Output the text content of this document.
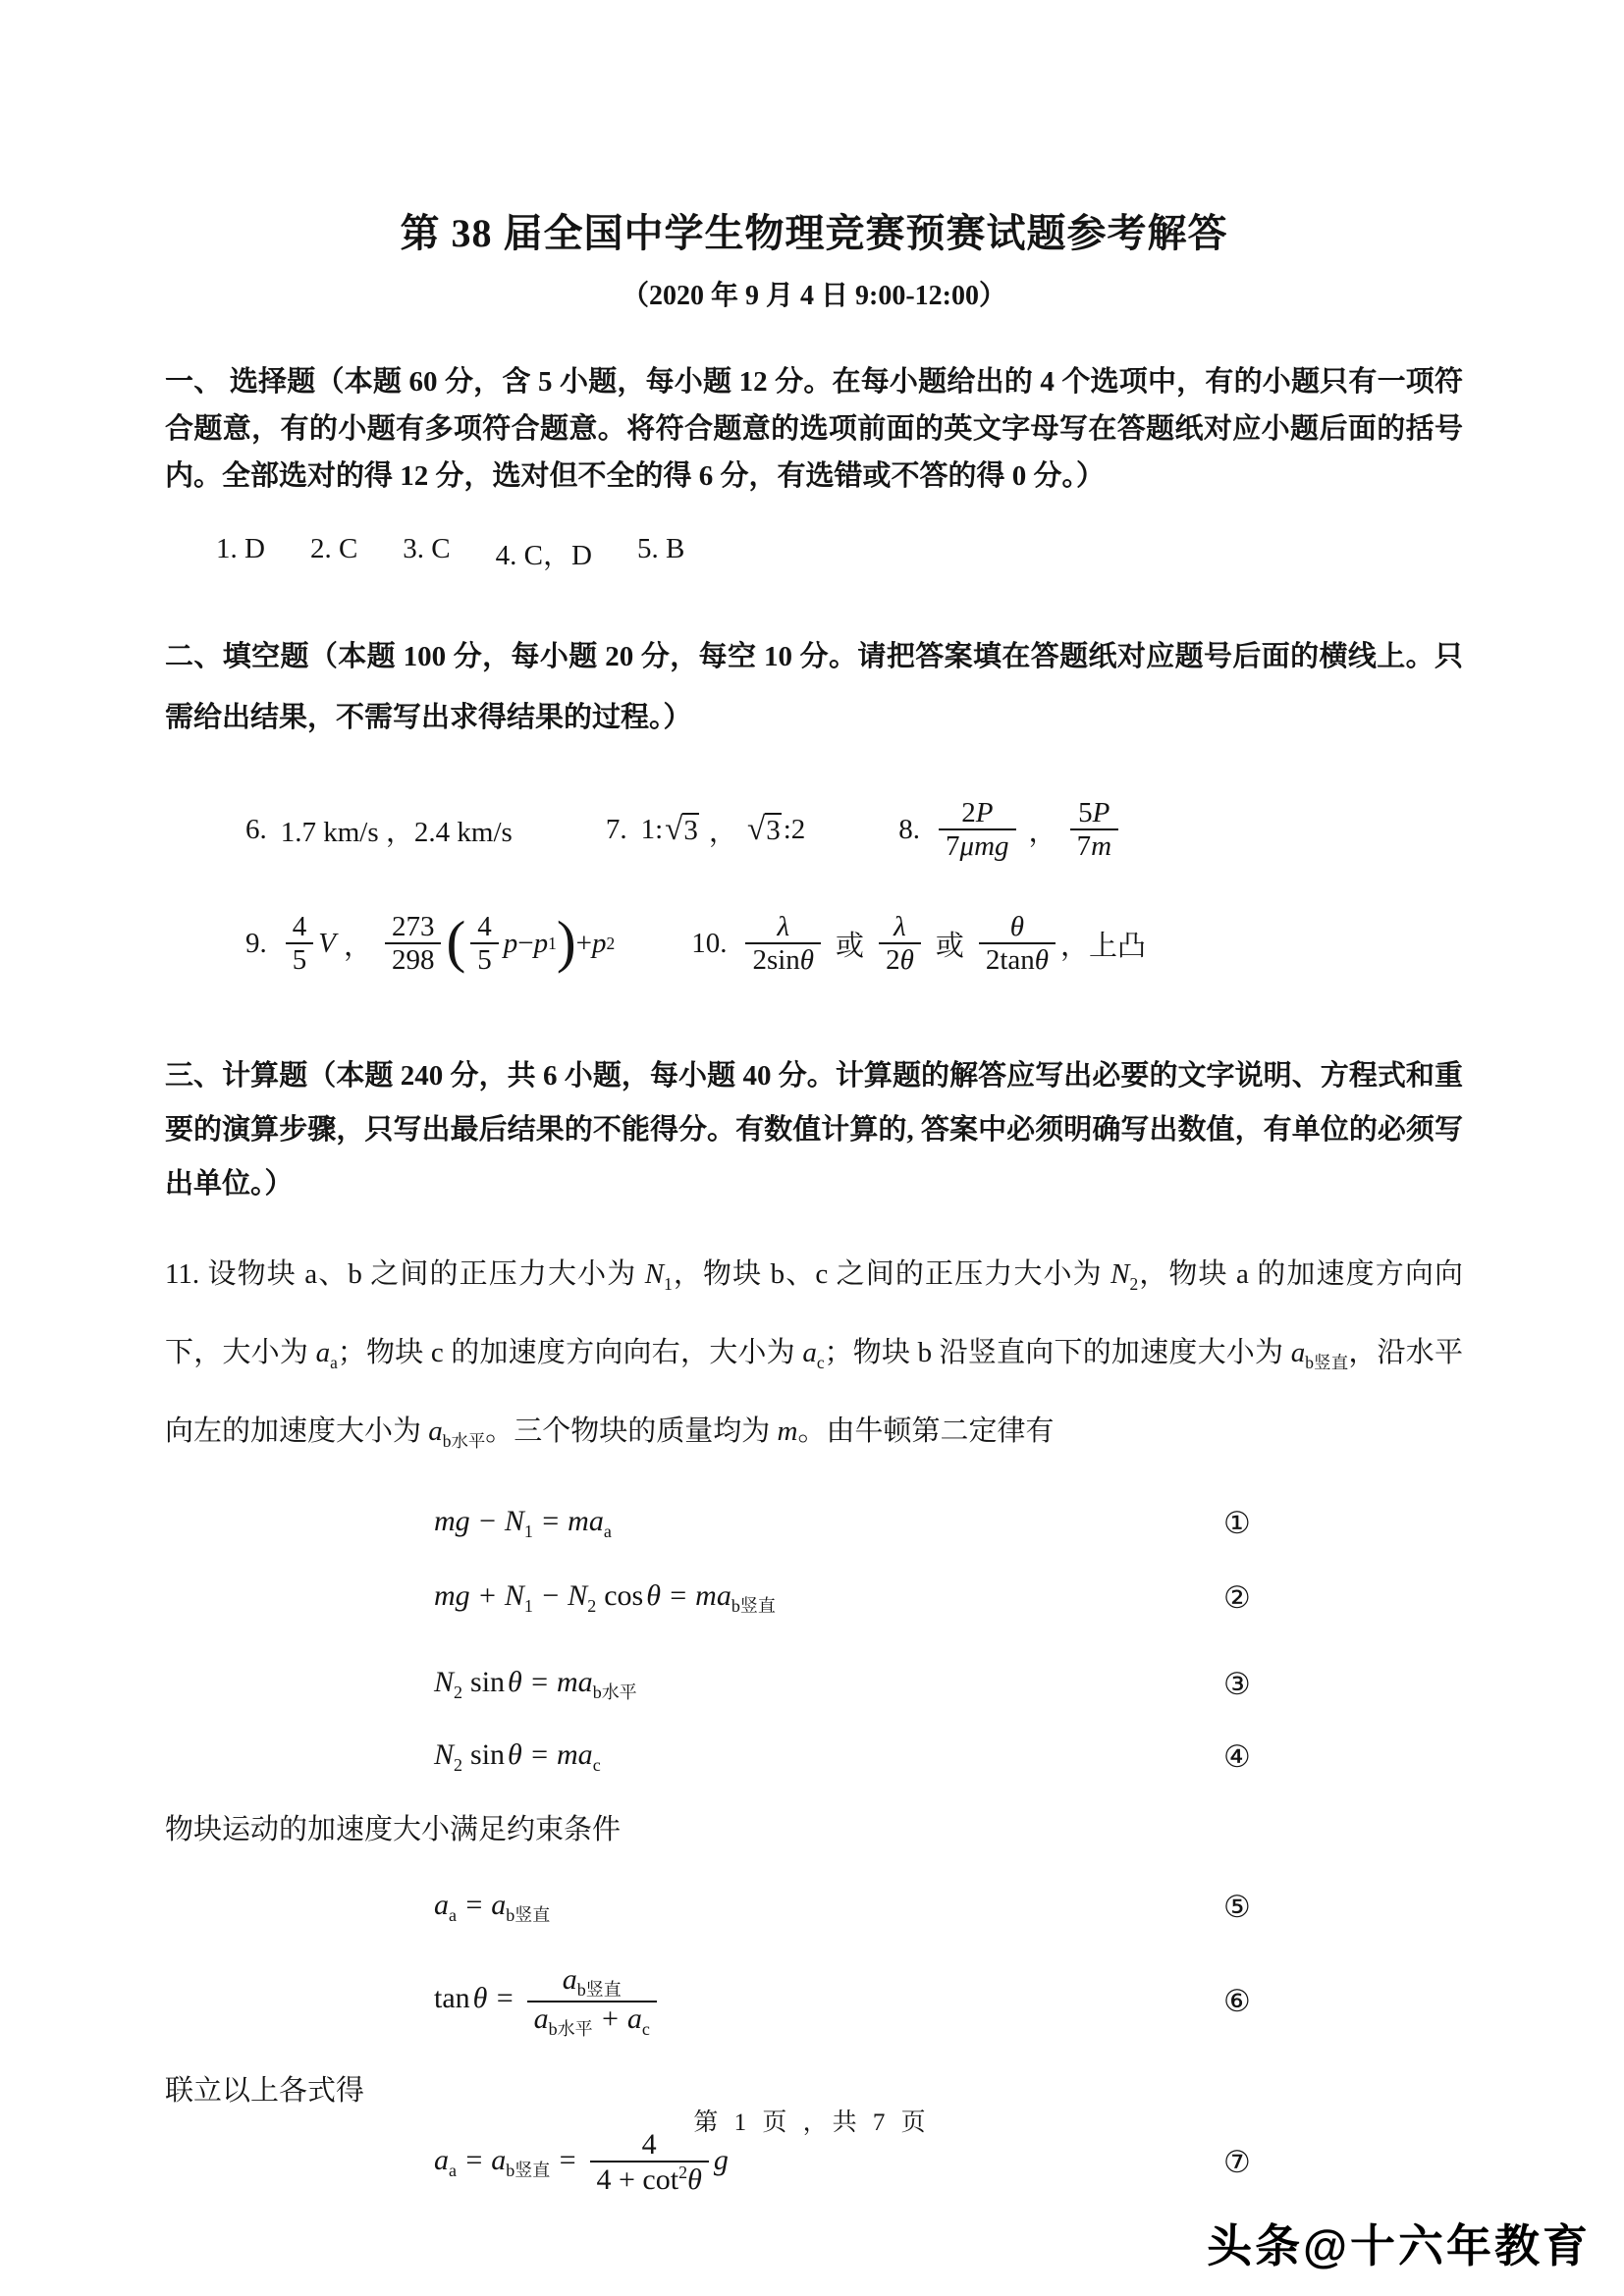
第 38 届全国中学生物理竞赛预赛试题参考解答
（2020 年 9 月 4 日 9:00-12:00）

一、 选择题（本题 60 分，含 5 小题，每小题 12 分。在每小题给出的 4 个选项中，有的小题只有一项符合题意，有的小题有多项符合题意。将符合题意的选项前面的英文字母写在答题纸对应小题后面的括号内。全部选对的得 12 分，选对但不全的得 6 分，有选错或不答的得 0 分。）

1. D 2. C 3. C 4. C，D 5. B

二、填空题（本题 100 分，每小题 20 分，每空 10 分。请把答案填在答题纸对应题号后面的横线上。只需给出结果，不需写出求得结果的过程。）

6. 1.7 km/s ，2.4 km/s	7. 1: √3 ， √3 :2	8. $\frac{2P}{\text{7μmg}}$ ， $\frac{5P}{7m}$
9. $\frac{4}{5}$ V ， $\frac{273}{298}$ ( $\frac{4}{5}$ p − p 1 ) + p 2	10. $\frac{\lambda}{2\sin\theta}$ 或 $\frac{\lambda}{2\theta}$ 或 $\frac{\theta}{2\tan\theta}$ ，上凸

三、计算题（本题 240 分，共 6 小题，每小题 40 分。计算题的解答应写出必要的文字说明、方程式和重要的演算步骤，只写出最后结果的不能得分。有数值计算的, 答案中必须明确写出数值，有单位的必须写出单位。）

11. 设物块 a、b 之间的正压力大小为 $N_1$，物块 b、c 之间的正压力大小为 $N_2$，物块 a 的加速度方向向下，大小为 $a_a$；物块 c 的加速度方向向右，大小为 $a_c$；物块 b 沿竖直向下的加速度大小为 $a_{b竖直}$，沿水平向左的加速度大小为 $a_{b水平}$。三个物块的质量均为 m。由牛顿第二定律有

mg − $N_1 = ma_a$	①
mg + $N_1 - N_2$ $\cos \theta = ma_{b竖直}$	②
$N_2$ $\sin \theta = ma_{b水平}$	③
$N_2$ $\sin \theta = ma_c$	④

物块运动的加速度大小满足约束条件

$a_a = a_{b竖直}$	⑤
$\tan \theta = \frac{a_{b竖直}}{a_{b水平} + a_c}$	⑥

联立以上各式得

$a_a = a_{b竖直} = \frac{4}{4 + \cot^2\theta}$ g	⑦
第 1 页 ，共 7 页
头条@十六年教育
